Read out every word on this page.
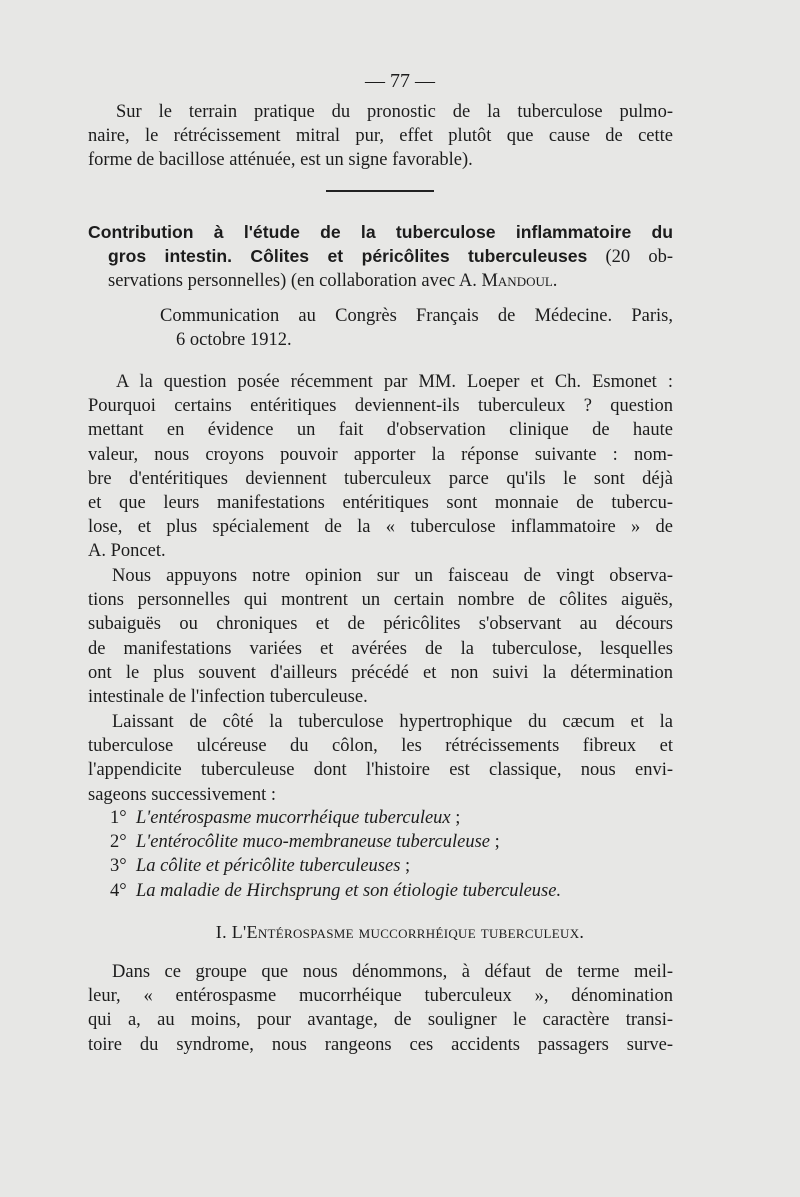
— 77 —
Sur le terrain pratique du pronostic de la tuberculose pulmo-
naire, le rétrécissement mitral pur, effet plutôt que cause de cette
forme de bacillose atténuée, est un signe favorable).
Contribution à l'étude de la tuberculose inflammatoire du
gros intestin. Côlites et péricôlites tuberculeuses (20 ob-
servations personnelles) (en collaboration avec A. Mandoul.
Communication au Congrès Français de Médecine. Paris,
6 octobre 1912.
A la question posée récemment par MM. Loeper et Ch. Esmonet :
Pourquoi certains entéritiques deviennent-ils tuberculeux ? question
mettant en évidence un fait d'observation clinique de haute
valeur, nous croyons pouvoir apporter la réponse suivante : nom-
bre d'entéritiques deviennent tuberculeux parce qu'ils le sont déjà
et que leurs manifestations entéritiques sont monnaie de tubercu-
lose, et plus spécialement de la « tuberculose inflammatoire » de
A. Poncet.
Nous appuyons notre opinion sur un faisceau de vingt observa-
tions personnelles qui montrent un certain nombre de côlites aiguës,
subaiguës ou chroniques et de péricôlites s'observant au décours
de manifestations variées et avérées de la tuberculose, lesquelles
ont le plus souvent d'ailleurs précédé et non suivi la détermination
intestinale de l'infection tuberculeuse.
Laissant de côté la tuberculose hypertrophique du cæcum et la
tuberculose ulcéreuse du côlon, les rétrécissements fibreux et
l'appendicite tuberculeuse dont l'histoire est classique, nous envi-
sageons successivement :
1° L'entérospasme mucorrhéique tuberculeux ;
2° L'entérocôlite muco-membraneuse tuberculeuse ;
3° La côlite et péricôlite tuberculeuses ;
4° La maladie de Hirchsprung et son étiologie tuberculeuse.
I. L'Entérospasme muccorrhéique tuberculeux.
Dans ce groupe que nous dénommons, à défaut de terme meil-
leur, « entérospasme mucorrhéique tuberculeux », dénomination
qui a, au moins, pour avantage, de souligner le caractère transi-
toire du syndrome, nous rangeons ces accidents passagers surve-
